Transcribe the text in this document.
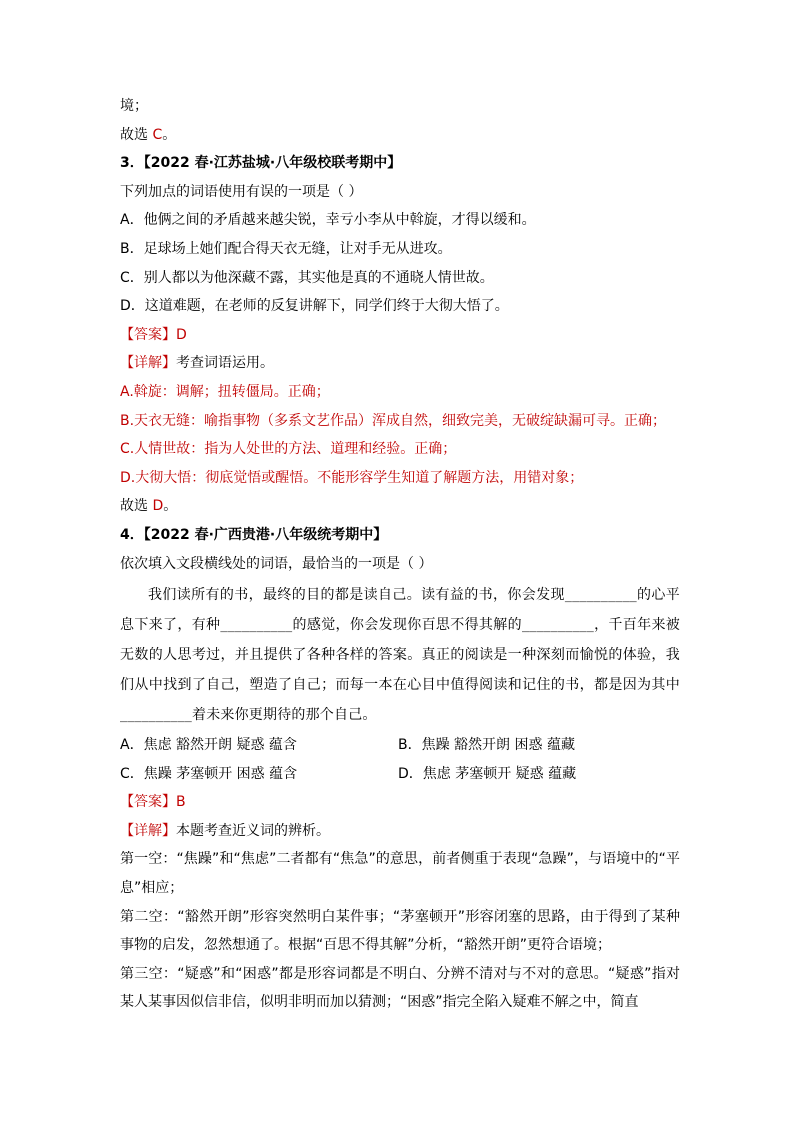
境；
故选 C。
3．【2022 春·江苏盐城·八年级校联考期中】
下列加点的词语使用有误的一项是（ ）
A．他俩之间的矛盾越来越尖锐，幸亏小李从中斡旋，才得以缓和。
B．足球场上她们配合得天衣无缝，让对手无从进攻。
C．别人都以为他深藏不露，其实他是真的不通晓人情世故。
D．这道难题，在老师的反复讲解下，同学们终于大彻大悟了。
【答案】D
【详解】考查词语运用。
A.斡旋：调解；扭转僵局。正确；
B.天衣无缝：喻指事物（多系文艺作品）浑成自然，细致完美，无破绽缺漏可寻。正确；
C.人情世故：指为人处世的方法、道理和经验。正确；
D.大彻大悟：彻底觉悟或醒悟。不能形容学生知道了解题方法，用错对象；
故选 D。
4．【2022 春·广西贵港·八年级统考期中】
依次填入文段横线处的词语，最恰当的一项是（ ）
我们读所有的书，最终的目的都是读自己。读有益的书，你会发现__________的心平息下来了，有种__________的感觉，你会发现你百思不得其解的__________，千百年来被无数的人思考过，并且提供了各种各样的答案。真正的阅读是一种深刻而愉悦的体验，我们从中找到了自己，塑造了自己；而每一本在心目中值得阅读和记住的书，都是因为其中__________着未来你更期待的那个自己。
A．焦虑 豁然开朗 疑惑 蕴含	B．焦躁 豁然开朗 困惑 蕴藏
C．焦躁 茅塞顿开 困惑 蕴含	D．焦虑 茅塞顿开 疑惑 蕴藏
【答案】B
【详解】本题考查近义词的辨析。
第一空：“焦躁”和“焦虑”二者都有“焦急”的意思，前者侧重于表现“急躁”，与语境中的“平息”相应；
第二空：“豁然开朗”形容突然明白某件事；“茅塞顿开”形容闭塞的思路，由于得到了某种事物的启发，忽然想通了。根据“百思不得其解”分析，“豁然开朗”更符合语境；
第三空：“疑惑”和“困惑”都是形容词都是不明白、分辨不清对与不对的意思。“疑惑”指对某人某事因似信非信，似明非明而加以猜测；“困惑”指完全陷入疑难不解之中，简直
